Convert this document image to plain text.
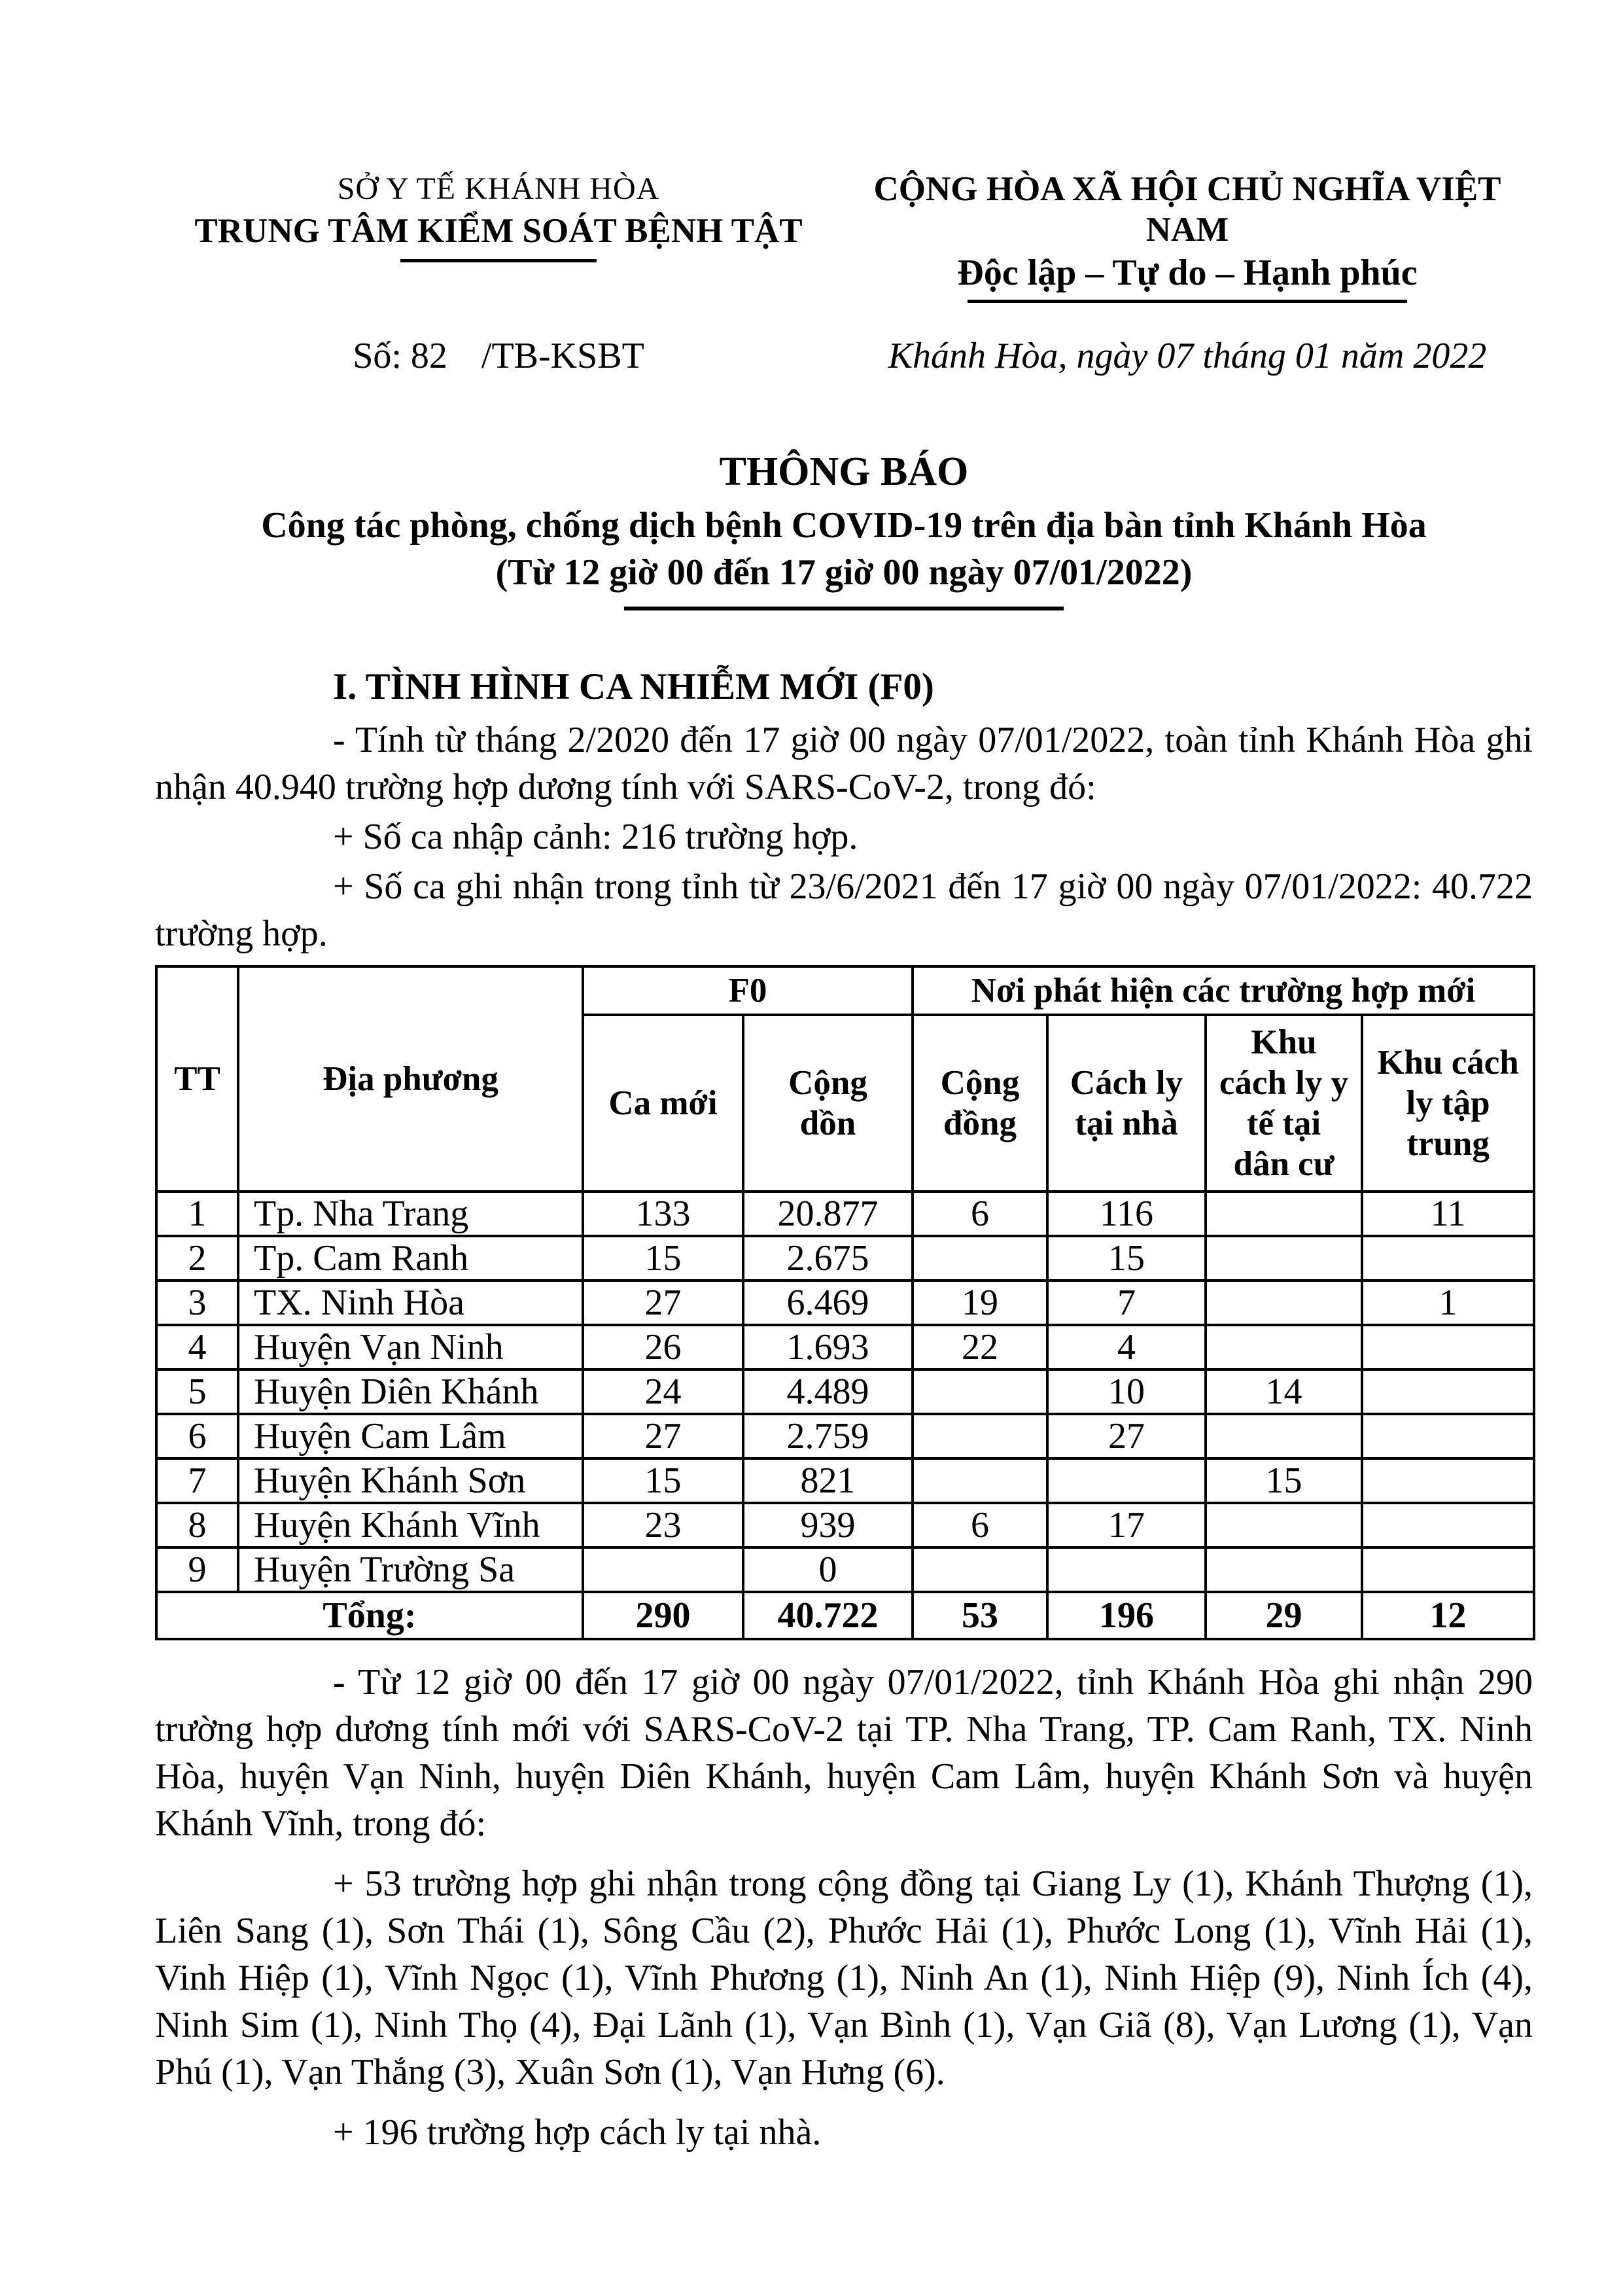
SỞ Y TẾ KHÁNH HÒA
TRUNG TÂM KIỂM SOÁT BỆNH TẬT
CỘNG HÒA XÃ HỘI CHỦ NGHĨA VIỆT NAM
Độc lập – Tự do – Hạnh phúc
Số: 82 /TB-KSBT	Khánh Hòa, ngày 07 tháng 01 năm 2022
THÔNG BÁO
Công tác phòng, chống dịch bệnh COVID-19 trên địa bàn tỉnh Khánh Hòa
(Từ 12 giờ 00 đến 17 giờ 00 ngày 07/01/2022)
I. TÌNH HÌNH CA NHIỄM MỚI (F0)

- Tính từ tháng 2/2020 đến 17 giờ 00 ngày 07/01/2022, toàn tỉnh Khánh Hòa ghi nhận 40.940 trường hợp dương tính với SARS-CoV-2, trong đó:

+ Số ca nhập cảnh: 216 trường hợp.

+ Số ca ghi nhận trong tỉnh từ 23/6/2021 đến 17 giờ 00 ngày 07/01/2022: 40.722 trường hợp.

TT	Địa phương	F0		Nơi phát hiện các trường hợp mới			
		Ca mới	Cộng dồn	Cộng đồng	Cách ly tại nhà	Khu cách ly y tế tại dân cư	Khu cách ly tập trung
1	Tp. Nha Trang	133	20.877	6	116		11
2	Tp. Cam Ranh	15	2.675		15		
3	TX. Ninh Hòa	27	6.469	19	7		1
4	Huyện Vạn Ninh	26	1.693	22	4		
5	Huyện Diên Khánh	24	4.489		10	14	
6	Huyện Cam Lâm	27	2.759		27		
7	Huyện Khánh Sơn	15	821			15	
8	Huyện Khánh Vĩnh	23	939	6	17		
9	Huyện Trường Sa		0				
Tổng:		290	40.722	53	196	29	12

- Từ 12 giờ 00 đến 17 giờ 00 ngày 07/01/2022, tỉnh Khánh Hòa ghi nhận 290 trường hợp dương tính mới với SARS-CoV-2 tại TP. Nha Trang, TP. Cam Ranh, TX. Ninh Hòa, huyện Vạn Ninh, huyện Diên Khánh, huyện Cam Lâm, huyện Khánh Sơn và huyện Khánh Vĩnh, trong đó:

+ 53 trường hợp ghi nhận trong cộng đồng tại Giang Ly (1), Khánh Thượng (1), Liên Sang (1), Sơn Thái (1), Sông Cầu (2), Phước Hải (1), Phước Long (1), Vĩnh Hải (1), Vinh Hiệp (1), Vĩnh Ngọc (1), Vĩnh Phương (1), Ninh An (1), Ninh Hiệp (9), Ninh Ích (4), Ninh Sim (1), Ninh Thọ (4), Đại Lãnh (1), Vạn Bình (1), Vạn Giã (8), Vạn Lương (1), Vạn Phú (1), Vạn Thắng (3), Xuân Sơn (1), Vạn Hưng (6).

+ 196 trường hợp cách ly tại nhà.
